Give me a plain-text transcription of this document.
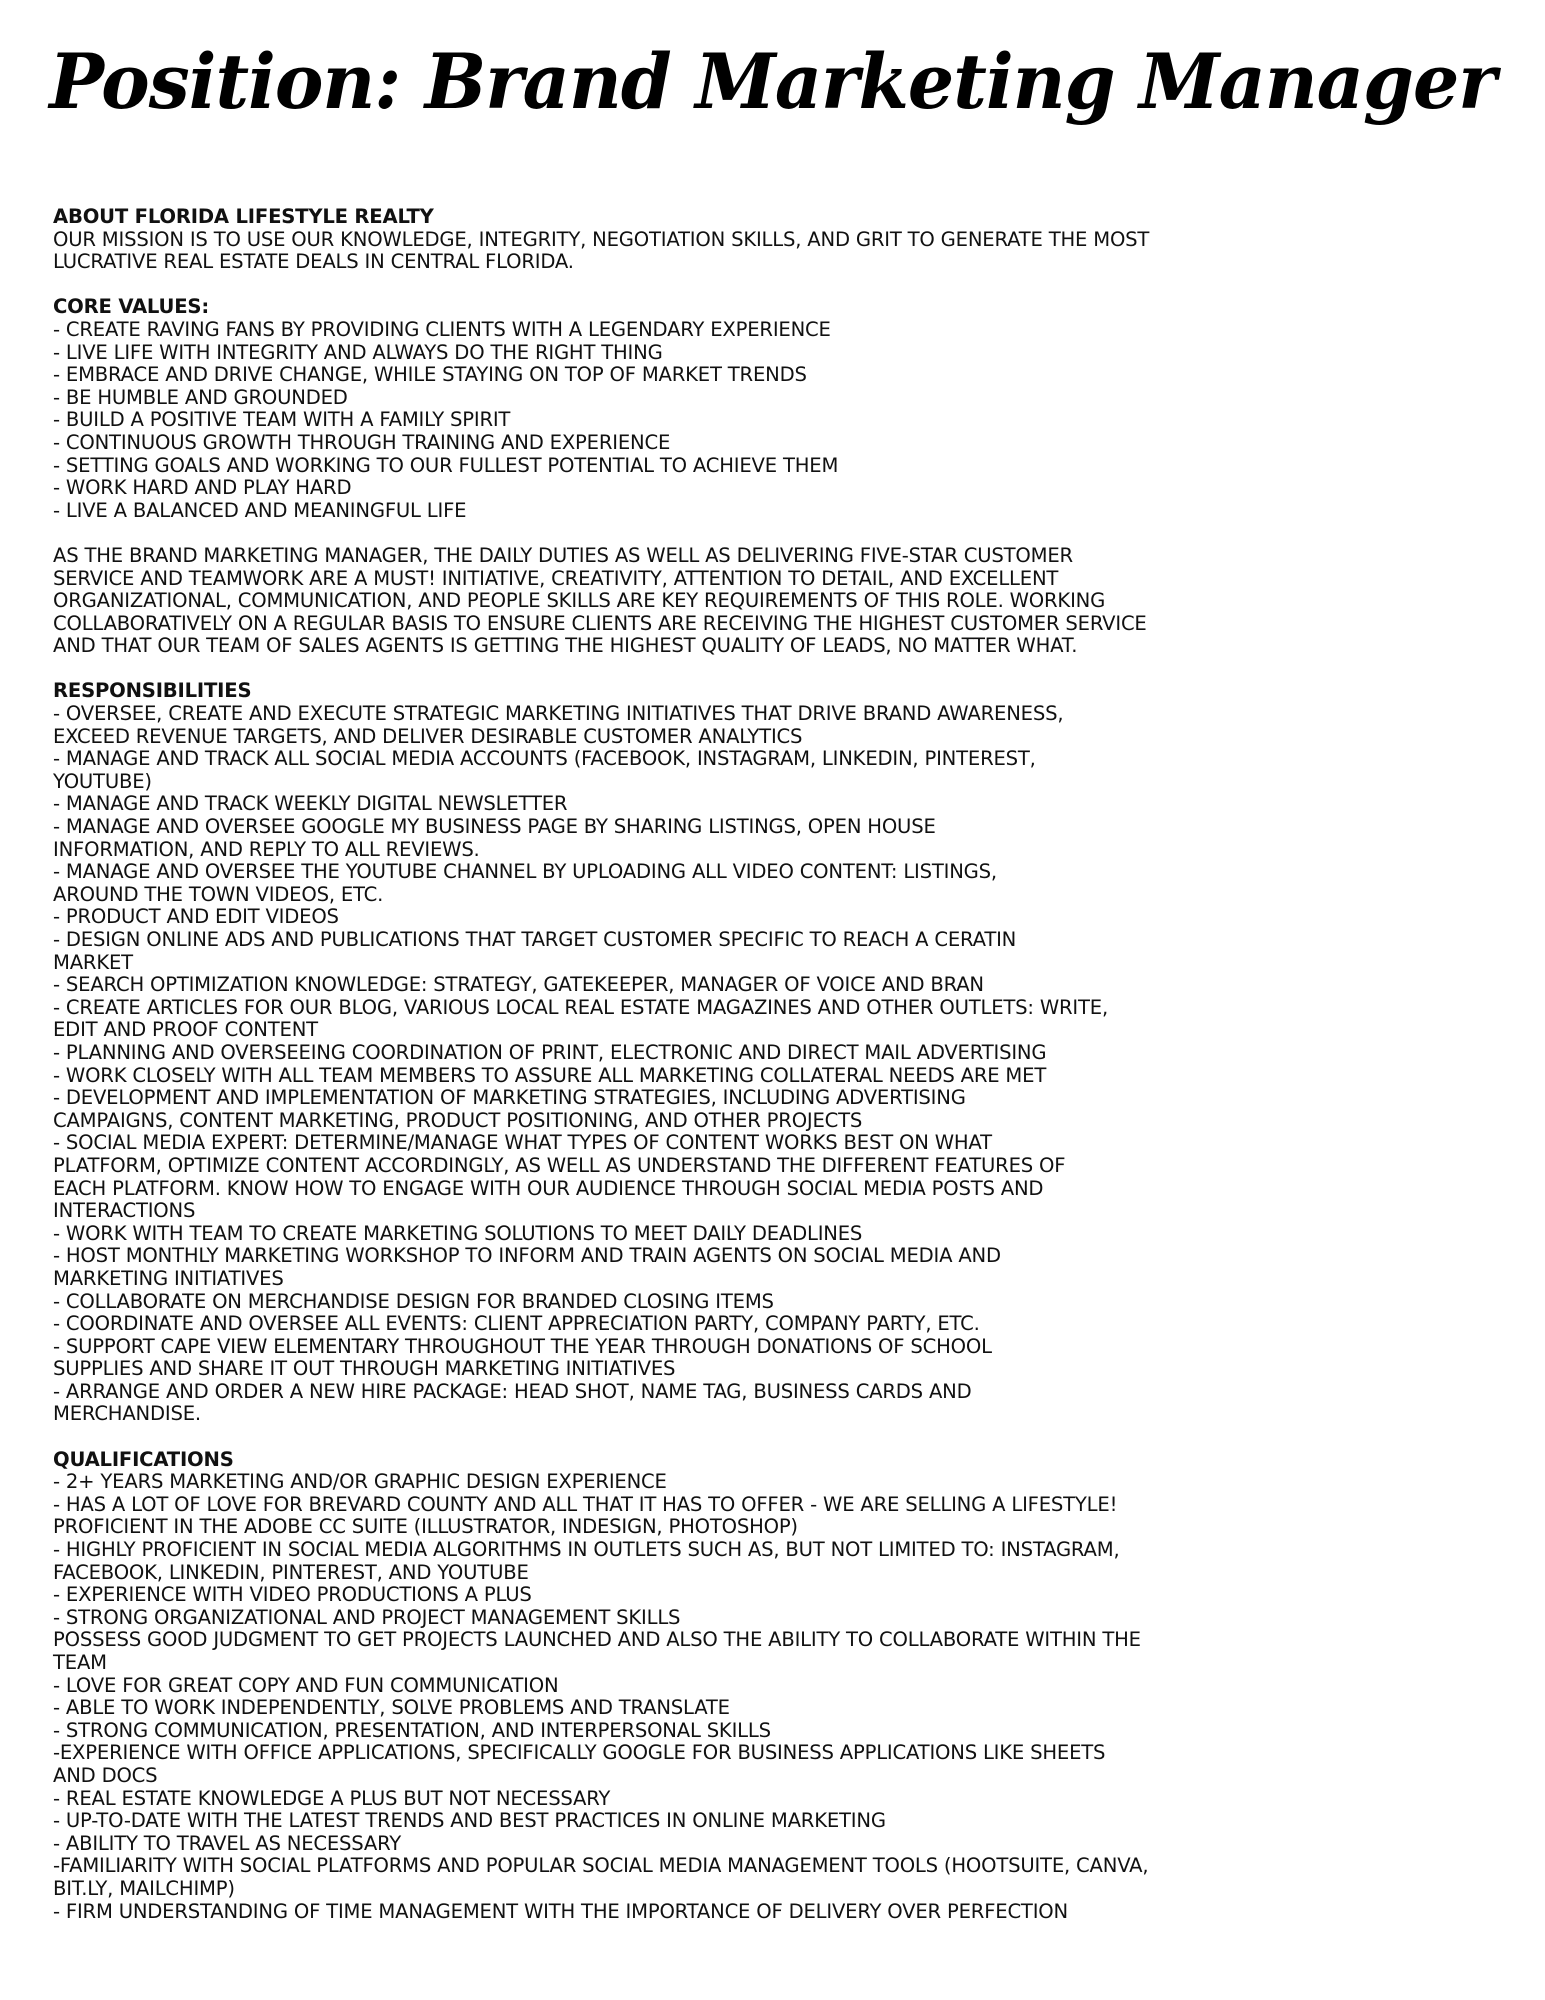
Position: Brand Marketing Manager
ABOUT FLORIDA LIFESTYLE REALTY
OUR MISSION IS TO USE OUR KNOWLEDGE, INTEGRITY, NEGOTIATION SKILLS, AND GRIT TO GENERATE THE MOST
LUCRATIVE REAL ESTATE DEALS IN CENTRAL FLORIDA.
CORE VALUES:
- CREATE RAVING FANS BY PROVIDING CLIENTS WITH A LEGENDARY EXPERIENCE
- LIVE LIFE WITH INTEGRITY AND ALWAYS DO THE RIGHT THING
- EMBRACE AND DRIVE CHANGE, WHILE STAYING ON TOP OF MARKET TRENDS
- BE HUMBLE AND GROUNDED
- BUILD A POSITIVE TEAM WITH A FAMILY SPIRIT
- CONTINUOUS GROWTH THROUGH TRAINING AND EXPERIENCE
- SETTING GOALS AND WORKING TO OUR FULLEST POTENTIAL TO ACHIEVE THEM
- WORK HARD AND PLAY HARD
- LIVE A BALANCED AND MEANINGFUL LIFE
AS THE BRAND MARKETING MANAGER, THE DAILY DUTIES AS WELL AS DELIVERING FIVE-STAR CUSTOMER
SERVICE AND TEAMWORK ARE A MUST! INITIATIVE, CREATIVITY, ATTENTION TO DETAIL, AND EXCELLENT
ORGANIZATIONAL, COMMUNICATION, AND PEOPLE SKILLS ARE KEY REQUIREMENTS OF THIS ROLE. WORKING
COLLABORATIVELY ON A REGULAR BASIS TO ENSURE CLIENTS ARE RECEIVING THE HIGHEST CUSTOMER SERVICE
AND THAT OUR TEAM OF SALES AGENTS IS GETTING THE HIGHEST QUALITY OF LEADS, NO MATTER WHAT.
RESPONSIBILITIES
- OVERSEE, CREATE AND EXECUTE STRATEGIC MARKETING INITIATIVES THAT DRIVE BRAND AWARENESS,
EXCEED REVENUE TARGETS, AND DELIVER DESIRABLE CUSTOMER ANALYTICS
- MANAGE AND TRACK ALL SOCIAL MEDIA ACCOUNTS (FACEBOOK, INSTAGRAM, LINKEDIN, PINTEREST,
YOUTUBE)
- MANAGE AND TRACK WEEKLY DIGITAL NEWSLETTER
- MANAGE AND OVERSEE GOOGLE MY BUSINESS PAGE BY SHARING LISTINGS, OPEN HOUSE
INFORMATION, AND REPLY TO ALL REVIEWS.
- MANAGE AND OVERSEE THE YOUTUBE CHANNEL BY UPLOADING ALL VIDEO CONTENT: LISTINGS,
AROUND THE TOWN VIDEOS, ETC.
- PRODUCT AND EDIT VIDEOS
- DESIGN ONLINE ADS AND PUBLICATIONS THAT TARGET CUSTOMER SPECIFIC TO REACH A CERATIN
MARKET
- SEARCH OPTIMIZATION KNOWLEDGE: STRATEGY, GATEKEEPER, MANAGER OF VOICE AND BRAN
- CREATE ARTICLES FOR OUR BLOG, VARIOUS LOCAL REAL ESTATE MAGAZINES AND OTHER OUTLETS: WRITE,
EDIT AND PROOF CONTENT
- PLANNING AND OVERSEEING COORDINATION OF PRINT, ELECTRONIC AND DIRECT MAIL ADVERTISING
- WORK CLOSELY WITH ALL TEAM MEMBERS TO ASSURE ALL MARKETING COLLATERAL NEEDS ARE MET
- DEVELOPMENT AND IMPLEMENTATION OF MARKETING STRATEGIES, INCLUDING ADVERTISING
CAMPAIGNS, CONTENT MARKETING, PRODUCT POSITIONING, AND OTHER PROJECTS
- SOCIAL MEDIA EXPERT: DETERMINE/MANAGE WHAT TYPES OF CONTENT WORKS BEST ON WHAT
PLATFORM, OPTIMIZE CONTENT ACCORDINGLY, AS WELL AS UNDERSTAND THE DIFFERENT FEATURES OF
EACH PLATFORM. KNOW HOW TO ENGAGE WITH OUR AUDIENCE THROUGH SOCIAL MEDIA POSTS AND
INTERACTIONS
- WORK WITH TEAM TO CREATE MARKETING SOLUTIONS TO MEET DAILY DEADLINES
- HOST MONTHLY MARKETING WORKSHOP TO INFORM AND TRAIN AGENTS ON SOCIAL MEDIA AND
MARKETING INITIATIVES
- COLLABORATE ON MERCHANDISE DESIGN FOR BRANDED CLOSING ITEMS
- COORDINATE AND OVERSEE ALL EVENTS: CLIENT APPRECIATION PARTY, COMPANY PARTY, ETC.
- SUPPORT CAPE VIEW ELEMENTARY THROUGHOUT THE YEAR THROUGH DONATIONS OF SCHOOL
SUPPLIES AND SHARE IT OUT THROUGH MARKETING INITIATIVES
- ARRANGE AND ORDER A NEW HIRE PACKAGE: HEAD SHOT, NAME TAG, BUSINESS CARDS AND
MERCHANDISE.
QUALIFICATIONS
- 2+ YEARS MARKETING AND/OR GRAPHIC DESIGN EXPERIENCE
- HAS A LOT OF LOVE FOR BREVARD COUNTY AND ALL THAT IT HAS TO OFFER - WE ARE SELLING A LIFESTYLE!
PROFICIENT IN THE ADOBE CC SUITE (ILLUSTRATOR, INDESIGN, PHOTOSHOP)
- HIGHLY PROFICIENT IN SOCIAL MEDIA ALGORITHMS IN OUTLETS SUCH AS, BUT NOT LIMITED TO: INSTAGRAM,
FACEBOOK, LINKEDIN, PINTEREST, AND YOUTUBE
- EXPERIENCE WITH VIDEO PRODUCTIONS A PLUS
- STRONG ORGANIZATIONAL AND PROJECT MANAGEMENT SKILLS
POSSESS GOOD JUDGMENT TO GET PROJECTS LAUNCHED AND ALSO THE ABILITY TO COLLABORATE WITHIN THE
TEAM
- LOVE FOR GREAT COPY AND FUN COMMUNICATION
- ABLE TO WORK INDEPENDENTLY, SOLVE PROBLEMS AND TRANSLATE
- STRONG COMMUNICATION, PRESENTATION, AND INTERPERSONAL SKILLS
-EXPERIENCE WITH OFFICE APPLICATIONS, SPECIFICALLY GOOGLE FOR BUSINESS APPLICATIONS LIKE SHEETS
AND DOCS
- REAL ESTATE KNOWLEDGE A PLUS BUT NOT NECESSARY
- UP-TO-DATE WITH THE LATEST TRENDS AND BEST PRACTICES IN ONLINE MARKETING
- ABILITY TO TRAVEL AS NECESSARY
-FAMILIARITY WITH SOCIAL PLATFORMS AND POPULAR SOCIAL MEDIA MANAGEMENT TOOLS (HOOTSUITE, CANVA,
BIT.LY, MAILCHIMP)
- FIRM UNDERSTANDING OF TIME MANAGEMENT WITH THE IMPORTANCE OF DELIVERY OVER PERFECTION
